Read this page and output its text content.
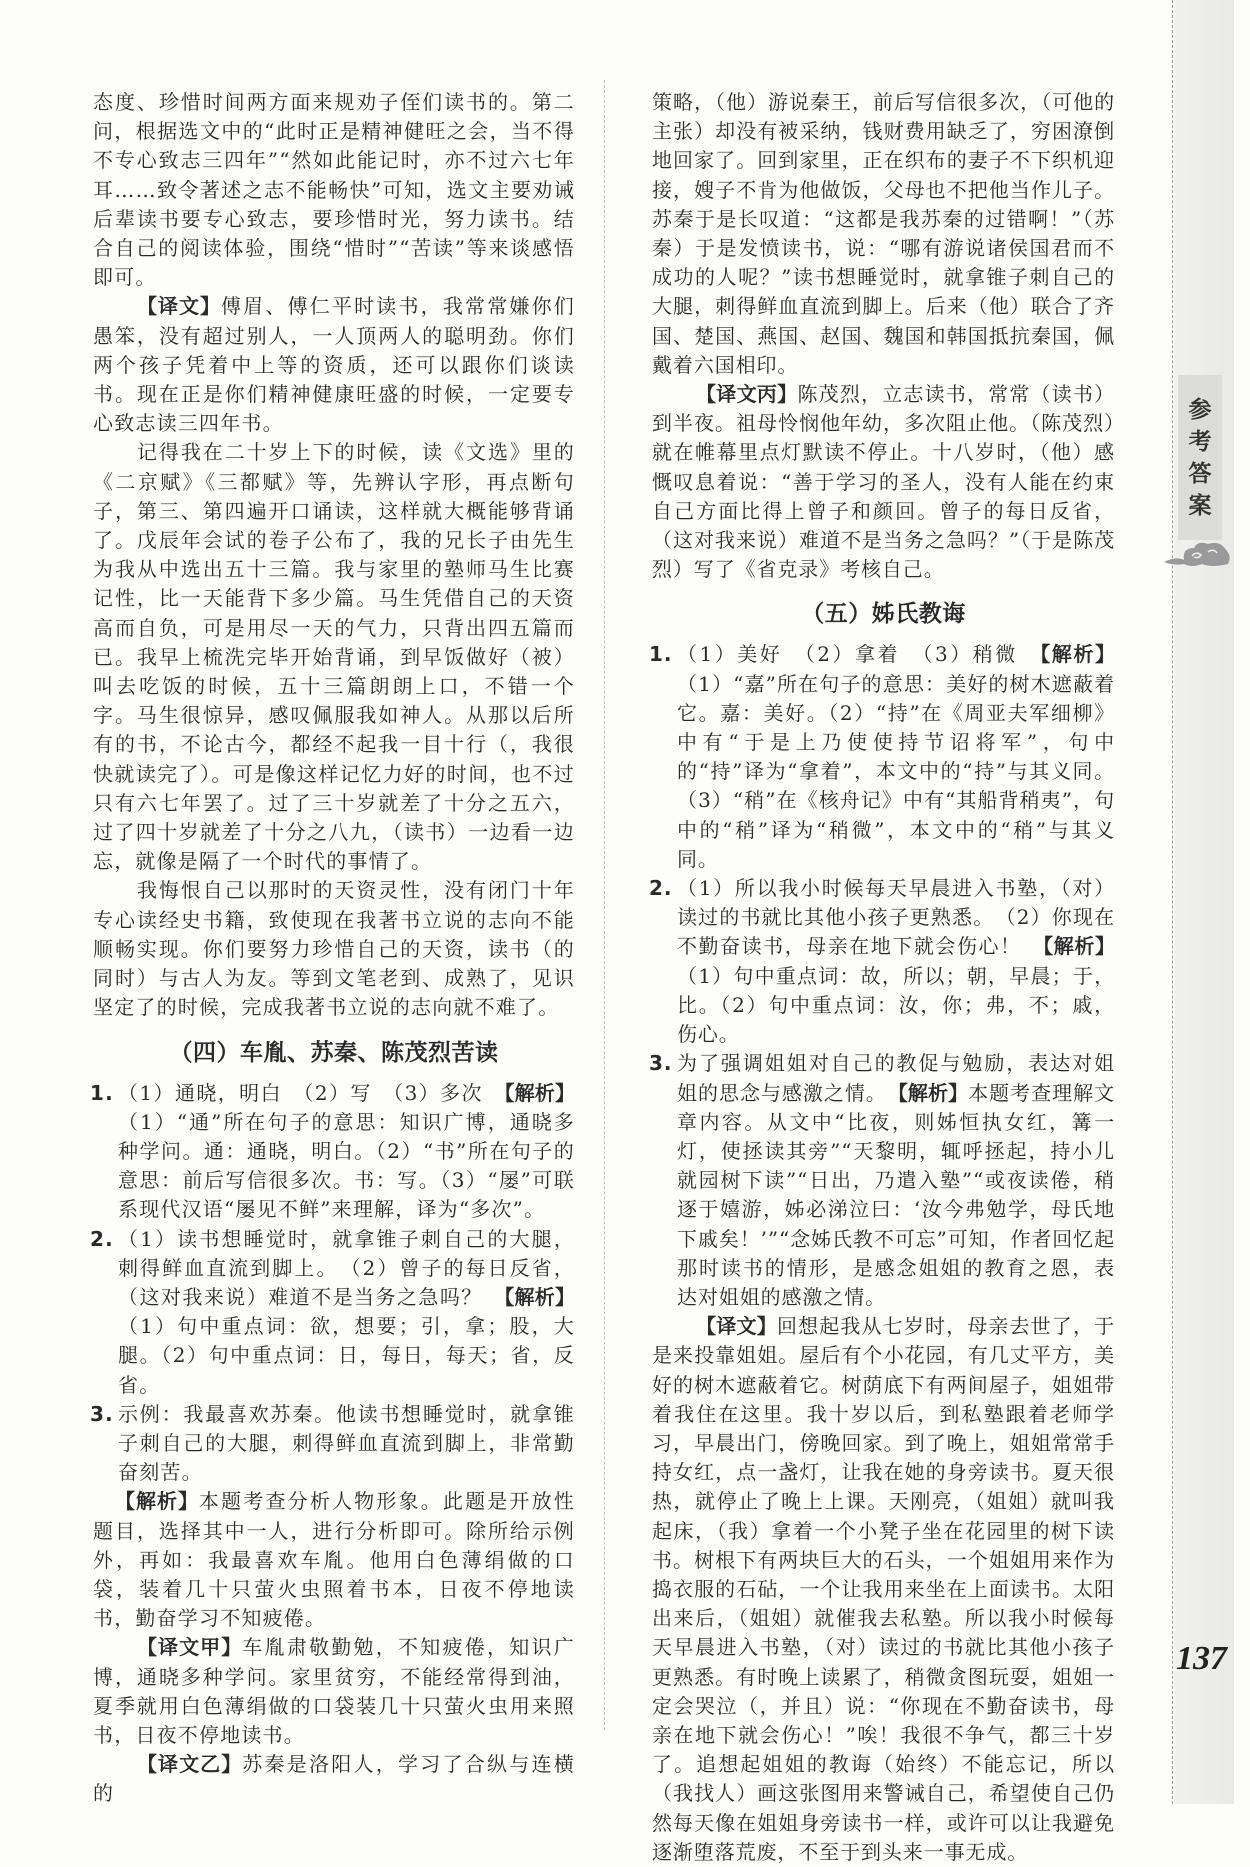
参
考
答
案

态度、珍惜时间两方面来规劝子侄们读书的。第二问，根据选文中的“此时正是精神健旺之会，当不得不专心致志三四年”“然如此能记时，亦不过六七年耳……致令著述之志不能畅快”可知，选文主要劝诫后辈读书要专心致志，要珍惜时光，努力读书。结合自己的阅读体验，围绕“惜时”“苦读”等来谈感悟即可。

【译文】傅眉、傅仁平时读书，我常常嫌你们愚笨，没有超过别人，一人顶两人的聪明劲。你们两个孩子凭着中上等的资质，还可以跟你们谈读书。现在正是你们精神健康旺盛的时候，一定要专心致志读三四年书。

记得我在二十岁上下的时候，读《文选》里的《二京赋》《三都赋》等，先辨认字形，再点断句子，第三、第四遍开口诵读，这样就大概能够背诵了。戊辰年会试的卷子公布了，我的兄长子由先生为我从中选出五十三篇。我与家里的塾师马生比赛记性，比一天能背下多少篇。马生凭借自己的天资高而自负，可是用尽一天的气力，只背出四五篇而已。我早上梳洗完毕开始背诵，到早饭做好（被）叫去吃饭的时候，五十三篇朗朗上口，不错一个字。马生很惊异，感叹佩服我如神人。从那以后所有的书，不论古今，都经不起我一目十行（，我很快就读完了）。可是像这样记忆力好的时间，也不过只有六七年罢了。过了三十岁就差了十分之五六，过了四十岁就差了十分之八九，（读书）一边看一边忘，就像是隔了一个时代的事情了。

我悔恨自己以那时的天资灵性，没有闭门十年专心读经史书籍，致使现在我著书立说的志向不能顺畅实现。你们要努力珍惜自己的天资，读书（的同时）与古人为友。等到文笔老到、成熟了，见识坚定了的时候，完成我著书立说的志向就不难了。

（四）车胤、苏秦、陈茂烈苦读

1. （1）通晓，明白　（2）写　（3）多次　【解析】（1）“通”所在句子的意思：知识广博，通晓多种学问。通：通晓，明白。（2）“书”所在句子的意思：前后写信很多次。书：写。（3）“屡”可联系现代汉语“屡见不鲜”来理解，译为“多次”。

2. （1）读书想睡觉时，就拿锥子刺自己的大腿，刺得鲜血直流到脚上。　（2）曾子的每日反省，（这对我来说）难道不是当务之急吗？　【解析】（1）句中重点词：欲，想要；引，拿；股，大腿。（2）句中重点词：日，每日，每天；省，反省。

3. 示例：我最喜欢苏秦。他读书想睡觉时，就拿锥子刺自己的大腿，刺得鲜血直流到脚上，非常勤奋刻苦。

【解析】本题考查分析人物形象。此题是开放性题目，选择其中一人，进行分析即可。除所给示例外，再如：我最喜欢车胤。他用白色薄绢做的口袋，装着几十只萤火虫照着书本，日夜不停地读书，勤奋学习不知疲倦。

【译文甲】车胤肃敬勤勉，不知疲倦，知识广博，通晓多种学问。家里贫穷，不能经常得到油，夏季就用白色薄绢做的口袋装几十只萤火虫用来照书，日夜不停地读书。

【译文乙】苏秦是洛阳人，学习了合纵与连横的

策略，（他）游说秦王，前后写信很多次，（可他的主张）却没有被采纳，钱财费用缺乏了，穷困潦倒地回家了。回到家里，正在织布的妻子不下织机迎接，嫂子不肯为他做饭，父母也不把他当作儿子。苏秦于是长叹道：“这都是我苏秦的过错啊！”（苏秦）于是发愤读书，说：“哪有游说诸侯国君而不成功的人呢？”读书想睡觉时，就拿锥子刺自己的大腿，刺得鲜血直流到脚上。后来（他）联合了齐国、楚国、燕国、赵国、魏国和韩国抵抗秦国，佩戴着六国相印。

【译文丙】陈茂烈，立志读书，常常（读书）到半夜。祖母怜悯他年幼，多次阻止他。（陈茂烈）就在帷幕里点灯默读不停止。十八岁时，（他）感慨叹息着说：“善于学习的圣人，没有人能在约束自己方面比得上曾子和颜回。曾子的每日反省，（这对我来说）难道不是当务之急吗？”（于是陈茂烈）写了《省克录》考核自己。

（五）姊氏教诲

1. （1）美好　（2）拿着　（3）稍微　【解析】（1）“嘉”所在句子的意思：美好的树木遮蔽着它。嘉：美好。（2）“持”在《周亚夫军细柳》中有“于是上乃使使持节诏将军”，句中的“持”译为“拿着”，本文中的“持”与其义同。（3）“稍”在《核舟记》中有“其船背稍夷”，句中的“稍”译为“稍微”，本文中的“稍”与其义同。

2. （1）所以我小时候每天早晨进入书塾，（对）读过的书就比其他小孩子更熟悉。　（2）你现在不勤奋读书，母亲在地下就会伤心！　【解析】（1）句中重点词：故，所以；朝，早晨；于，比。（2）句中重点词：汝，你；弗，不；戚，伤心。

3. 为了强调姐姐对自己的教促与勉励，表达对姐姐的思念与感激之情。　【解析】本题考查理解文章内容。从文中“比夜，则姊恒执女红，篝一灯，使拯读其旁”“天黎明，辄呼拯起，持小儿就园树下读”“日出，乃遣入塾”“或夜读倦，稍逐于嬉游，姊必涕泣曰：‘汝今弗勉学，母氏地下戚矣！’”“念姊氏教不可忘”可知，作者回忆起那时读书的情形，是感念姐姐的教育之恩，表达对姐姐的感激之情。

【译文】回想起我从七岁时，母亲去世了，于是来投靠姐姐。屋后有个小花园，有几丈平方，美好的树木遮蔽着它。树荫底下有两间屋子，姐姐带着我住在这里。我十岁以后，到私塾跟着老师学习，早晨出门，傍晚回家。到了晚上，姐姐常常手持女红，点一盏灯，让我在她的身旁读书。夏天很热，就停止了晚上上课。天刚亮，（姐姐）就叫我起床，（我）拿着一个小凳子坐在花园里的树下读书。树根下有两块巨大的石头，一个姐姐用来作为捣衣服的石砧，一个让我用来坐在上面读书。太阳出来后，（姐姐）就催我去私塾。所以我小时候每天早晨进入书塾，（对）读过的书就比其他小孩子更熟悉。有时晚上读累了，稍微贪图玩耍，姐姐一定会哭泣（，并且）说：“你现在不勤奋读书，母亲在地下就会伤心！”唉！我很不争气，都三十岁了。追想起姐姐的教诲（始终）不能忘记，所以（我找人）画这张图用来警诫自己，希望使自己仍然每天像在姐姐身旁读书一样，或许可以让我避免逐渐堕落荒废，不至于到头来一事无成。

137
